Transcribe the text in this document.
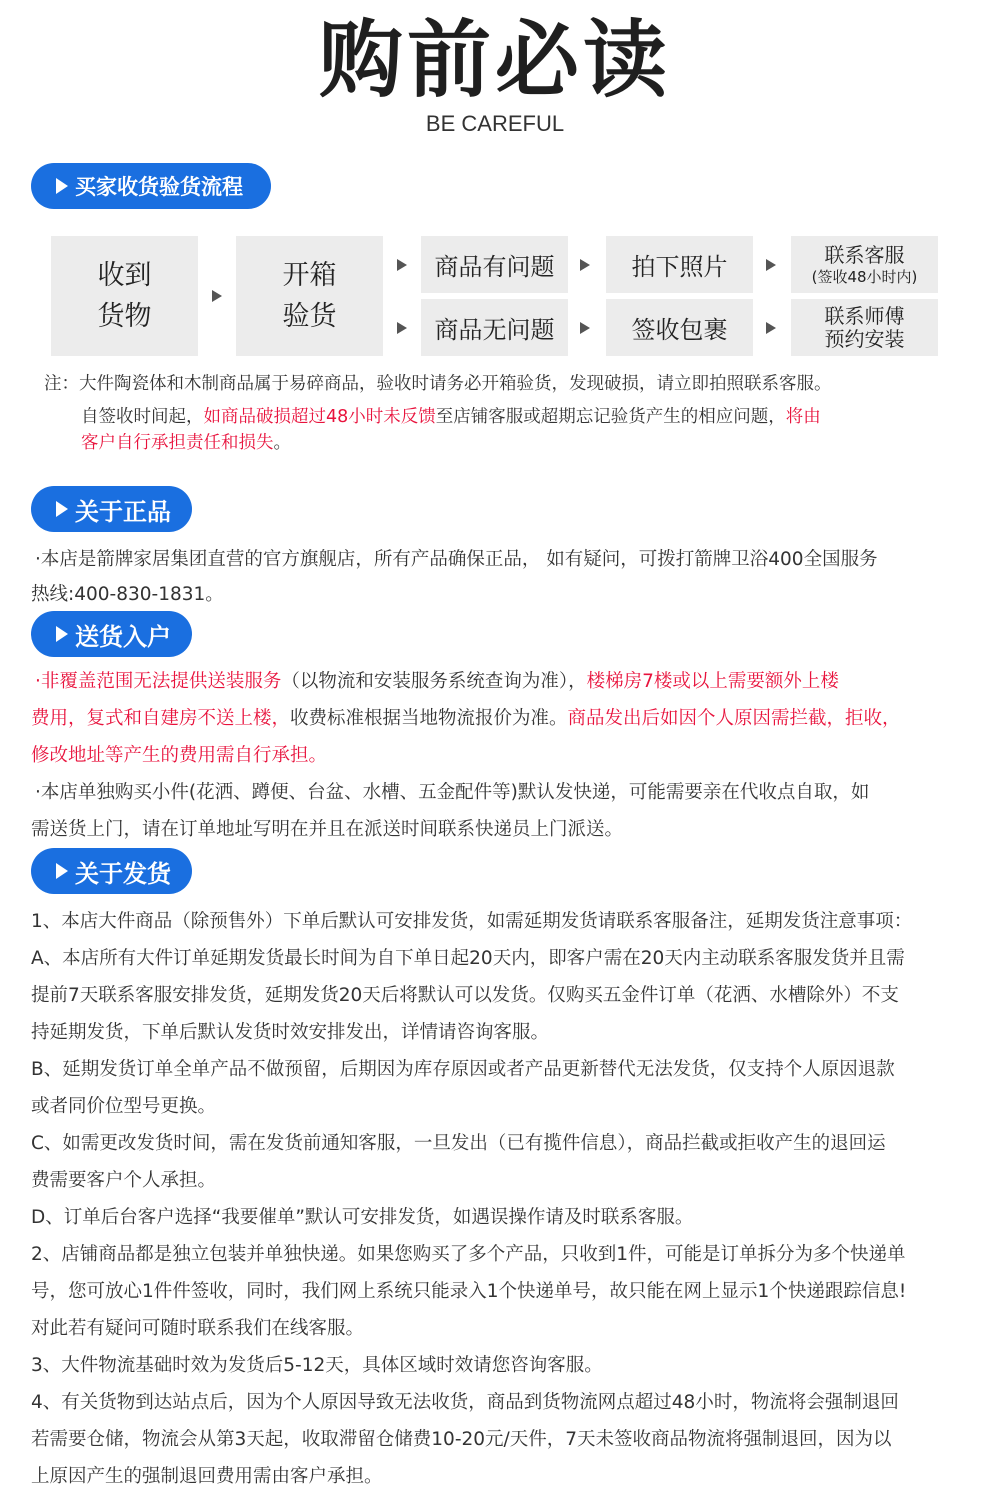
购前必读
BE CAREFUL
买家收货验货流程
收到
货物
开箱
验货
商品有问题
商品无问题
拍下照片
签收包裹
联系客服
(签收48小时内)
联系师傅
预约安装
注：大件陶瓷体和木制商品属于易碎商品，验收时请务必开箱验货，发现破损，请立即拍照联系客服。
自签收时间起，如商品破损超过48小时未反馈至店铺客服或超期忘记验货产生的相应问题，将由
客户自行承担责任和损失。
关于正品
·本店是箭牌家居集团直营的官方旗舰店，所有产品确保正品， 如有疑问，可拨打箭牌卫浴400全国服务
热线:400-830-1831。
送货入户
·非覆盖范围无法提供送装服务（以物流和安装服务系统查询为准），楼梯房7楼或以上需要额外上楼
费用，复式和自建房不送上楼，收费标准根据当地物流报价为准。商品发出后如因个人原因需拦截，拒收，
修改地址等产生的费用需自行承担。
·本店单独购买小件(花洒、蹲便、台盆、水槽、五金配件等)默认发快递，可能需要亲在代收点自取，如
需送货上门，请在订单地址写明在并且在派送时间联系快递员上门派送。
关于发货
1、本店大件商品（除预售外）下单后默认可安排发货，如需延期发货请联系客服备注，延期发货注意事项：
A、本店所有大件订单延期发货最长时间为自下单日起20天内，即客户需在20天内主动联系客服发货并且需
提前7天联系客服安排发货，延期发货20天后将默认可以发货。仅购买五金件订单（花洒、水槽除外）不支
持延期发货，下单后默认发货时效安排发出，详情请咨询客服。
B、延期发货订单全单产品不做预留，后期因为库存原因或者产品更新替代无法发货，仅支持个人原因退款
或者同价位型号更换。
C、如需更改发货时间，需在发货前通知客服，一旦发出（已有揽件信息），商品拦截或拒收产生的退回运
费需要客户个人承担。
D、订单后台客户选择“我要催单”默认可安排发货，如遇误操作请及时联系客服。
2、店铺商品都是独立包装并单独快递。如果您购买了多个产品，只收到1件，可能是订单拆分为多个快递单
号，您可放心1件件签收，同时，我们网上系统只能录入1个快递单号，故只能在网上显示1个快递跟踪信息!
对此若有疑问可随时联系我们在线客服。
3、大件物流基础时效为发货后5-12天，具体区域时效请您咨询客服。
4、有关货物到达站点后，因为个人原因导致无法收货，商品到货物流网点超过48小时，物流将会强制退回
若需要仓储，物流会从第3天起，收取滞留仓储费10-20元/天件，7天未签收商品物流将强制退回，因为以
上原因产生的强制退回费用需由客户承担。
